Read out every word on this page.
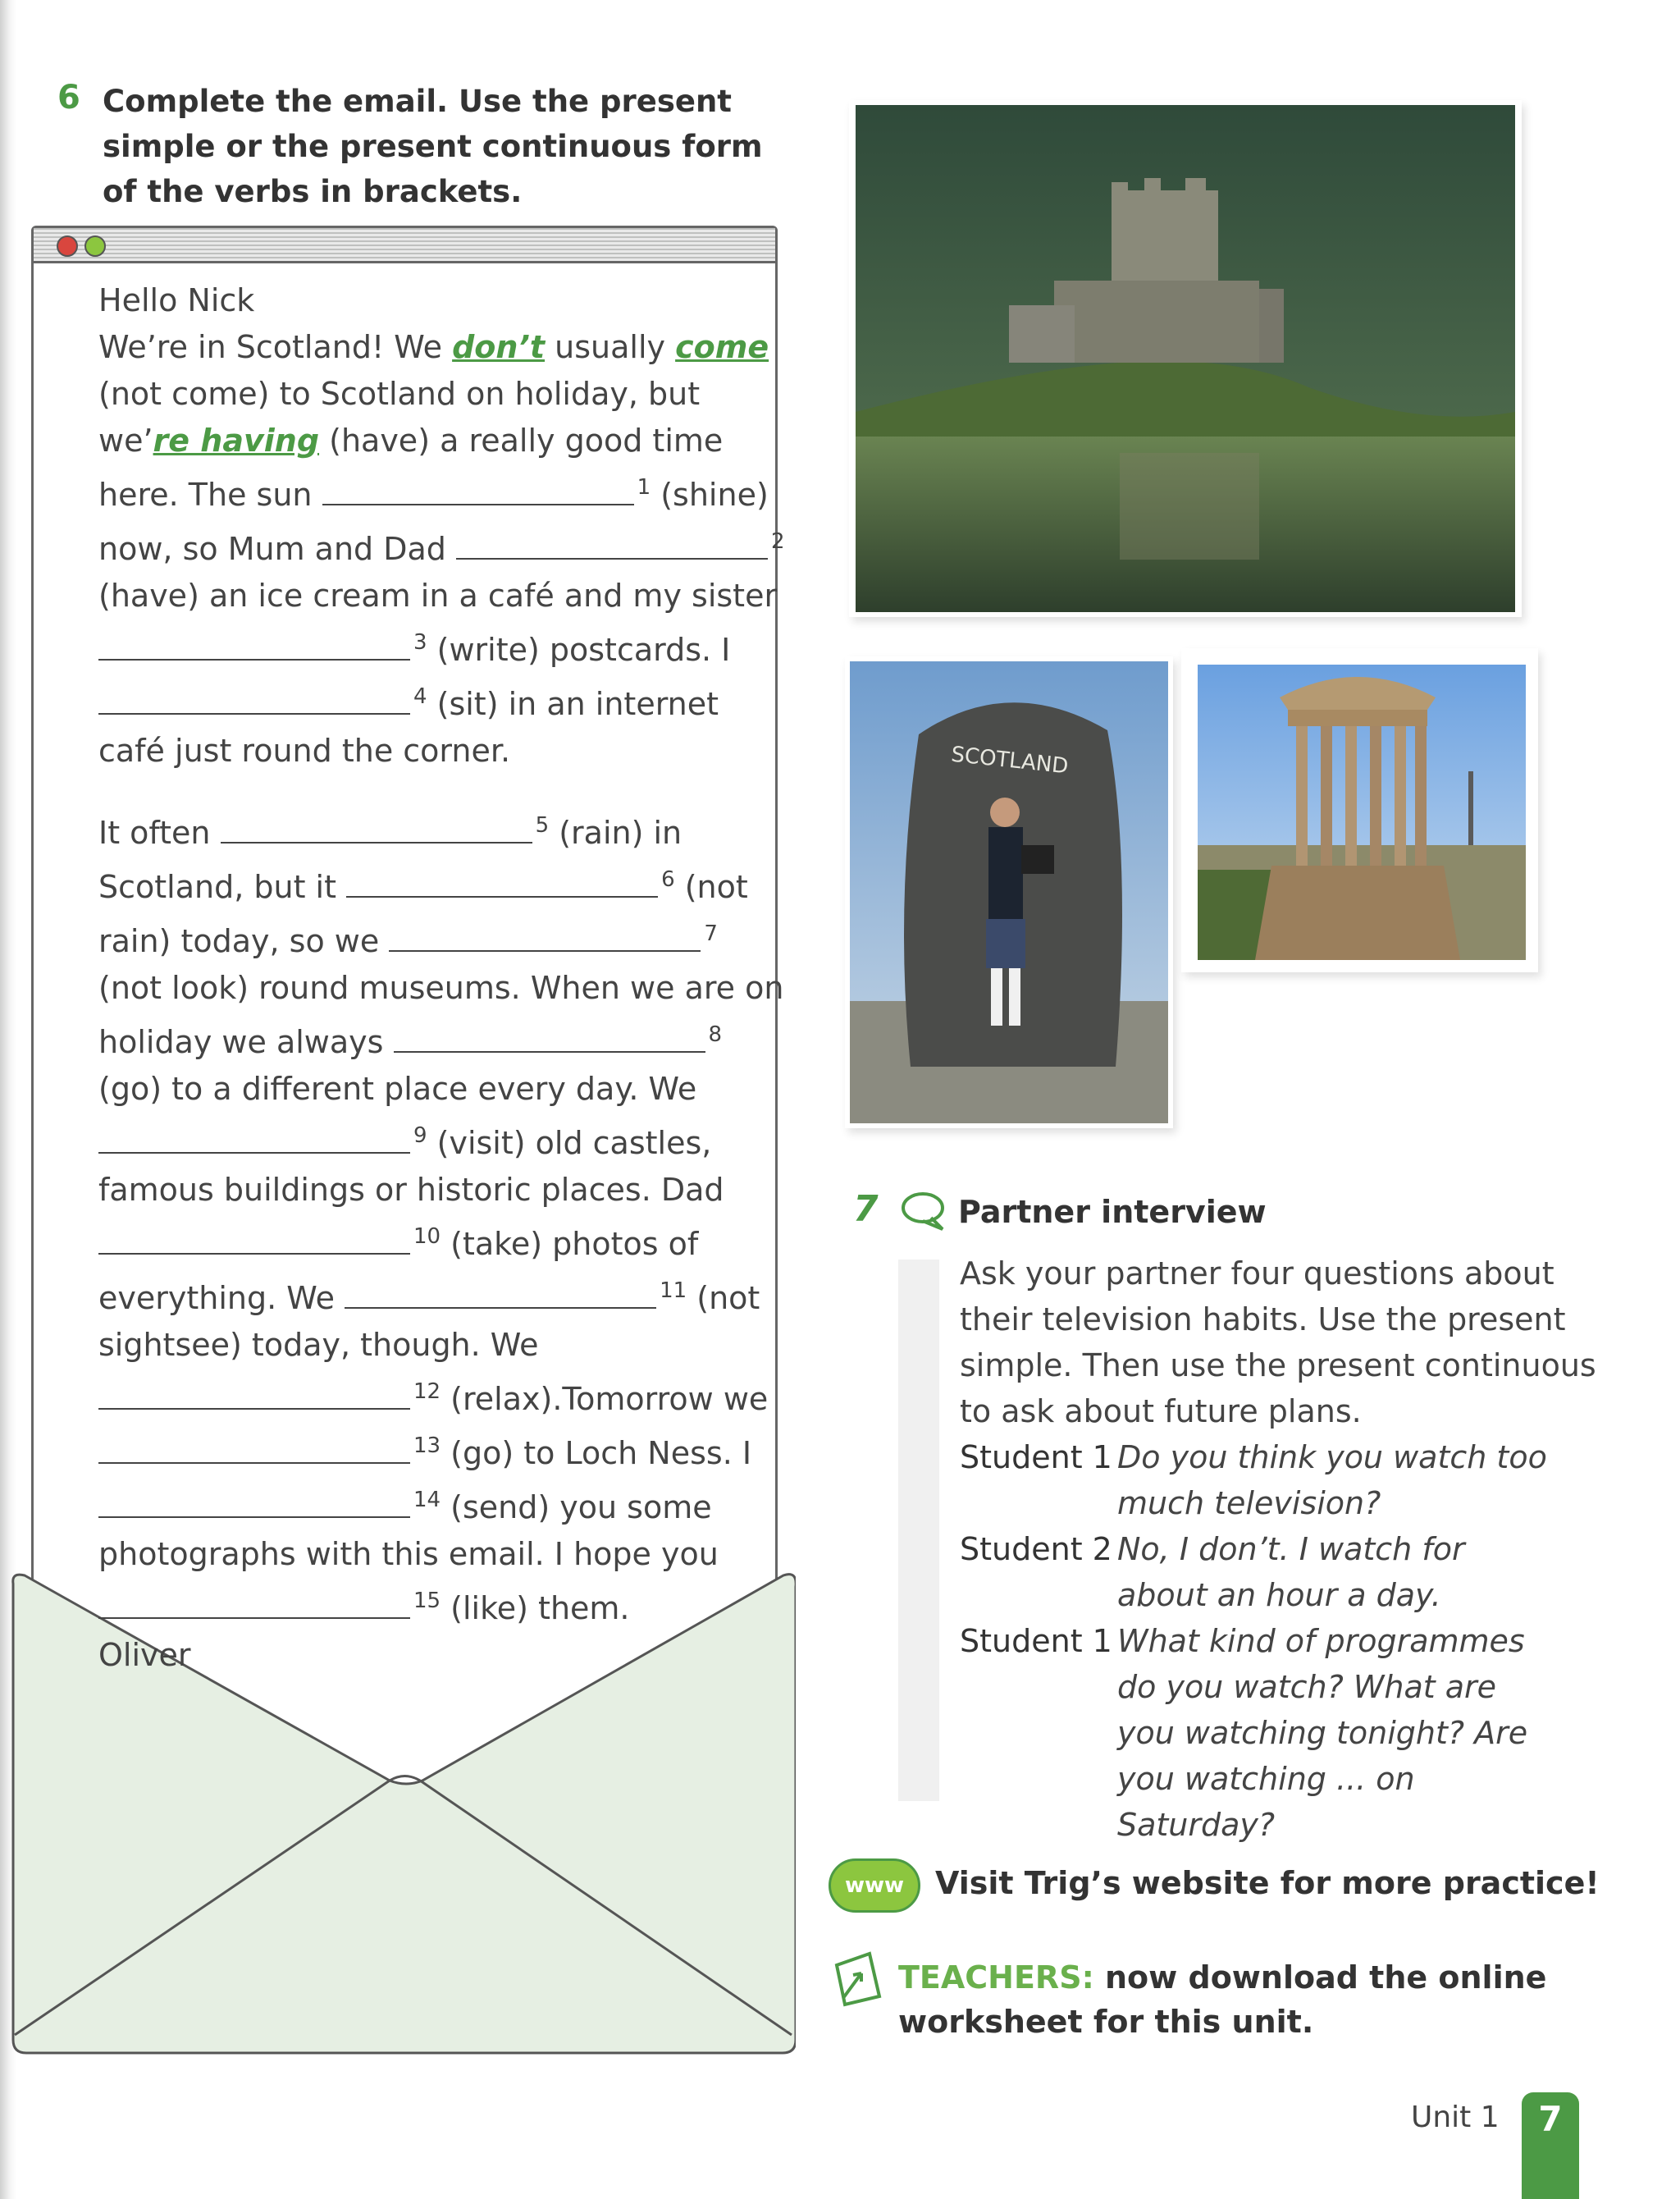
6 Complete the email. Use the present simple or the present continuous form of the verbs in brackets.

Hello Nick

We’re in Scotland! We don’t usually come (not come) to Scotland on holiday, but we’re having (have) a really good time here. The sun	$^1$ (shine) now, so Mum and Dad	$^2$ (have) an ice cream in a café and my sister $^3$ (write) postcards. I $^4$ (sit) in an internet café just round the corner.

It often	$^5$ (rain) in Scotland, but it	$^6$ (not rain) today, so we	$^7$ (not look) round museums. When we are on holiday we always	$^8$ (go) to a different place every day. We $^9$ (visit) old castles, famous buildings or historic places. Dad $^{10}$ (take) photos of everything. We	$^{11}$ (not sightsee) today, though. We $^{12}$ (relax).Tomorrow we $^{13}$ (go) to Loch Ness. I $^{14}$ (send) you some photographs with this email. I hope you $^{15}$ (like) them.

Oliver

SCOTLAND
7	Partner interview

Ask your partner four questions about their television habits. Use the present simple. Then use the present continuous to ask about future plans.

Student 1 Do you think you watch too much television?
Student 2 No, I don’t. I watch for about an hour a day.
Student 1 What kind of programmes do you watch? What are you watching tonight? Are you watching ... on Saturday?
www Visit Trig’s website for more practice!
TEACHERS: now download the online worksheet for this unit.
Unit 1	7
